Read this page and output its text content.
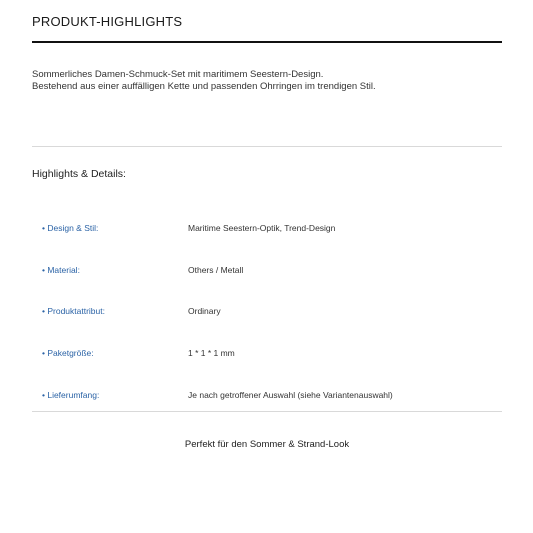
PRODUKT-HIGHLIGHTS
Sommerliches Damen-Schmuck-Set mit maritimem Seestern-Design.
Bestehend aus einer auffälligen Kette und passenden Ohrringen im trendigen Stil.
Highlights & Details:
• Design & Stil:	Maritime Seestern-Optik, Trend-Design
• Material:	Others / Metall
• Produktattribut:	Ordinary
• Paketgröße:	1 * 1 * 1 mm
• Lieferumfang:	Je nach getroffener Auswahl (siehe Variantenauswahl)
Perfekt für den Sommer & Strand-Look
